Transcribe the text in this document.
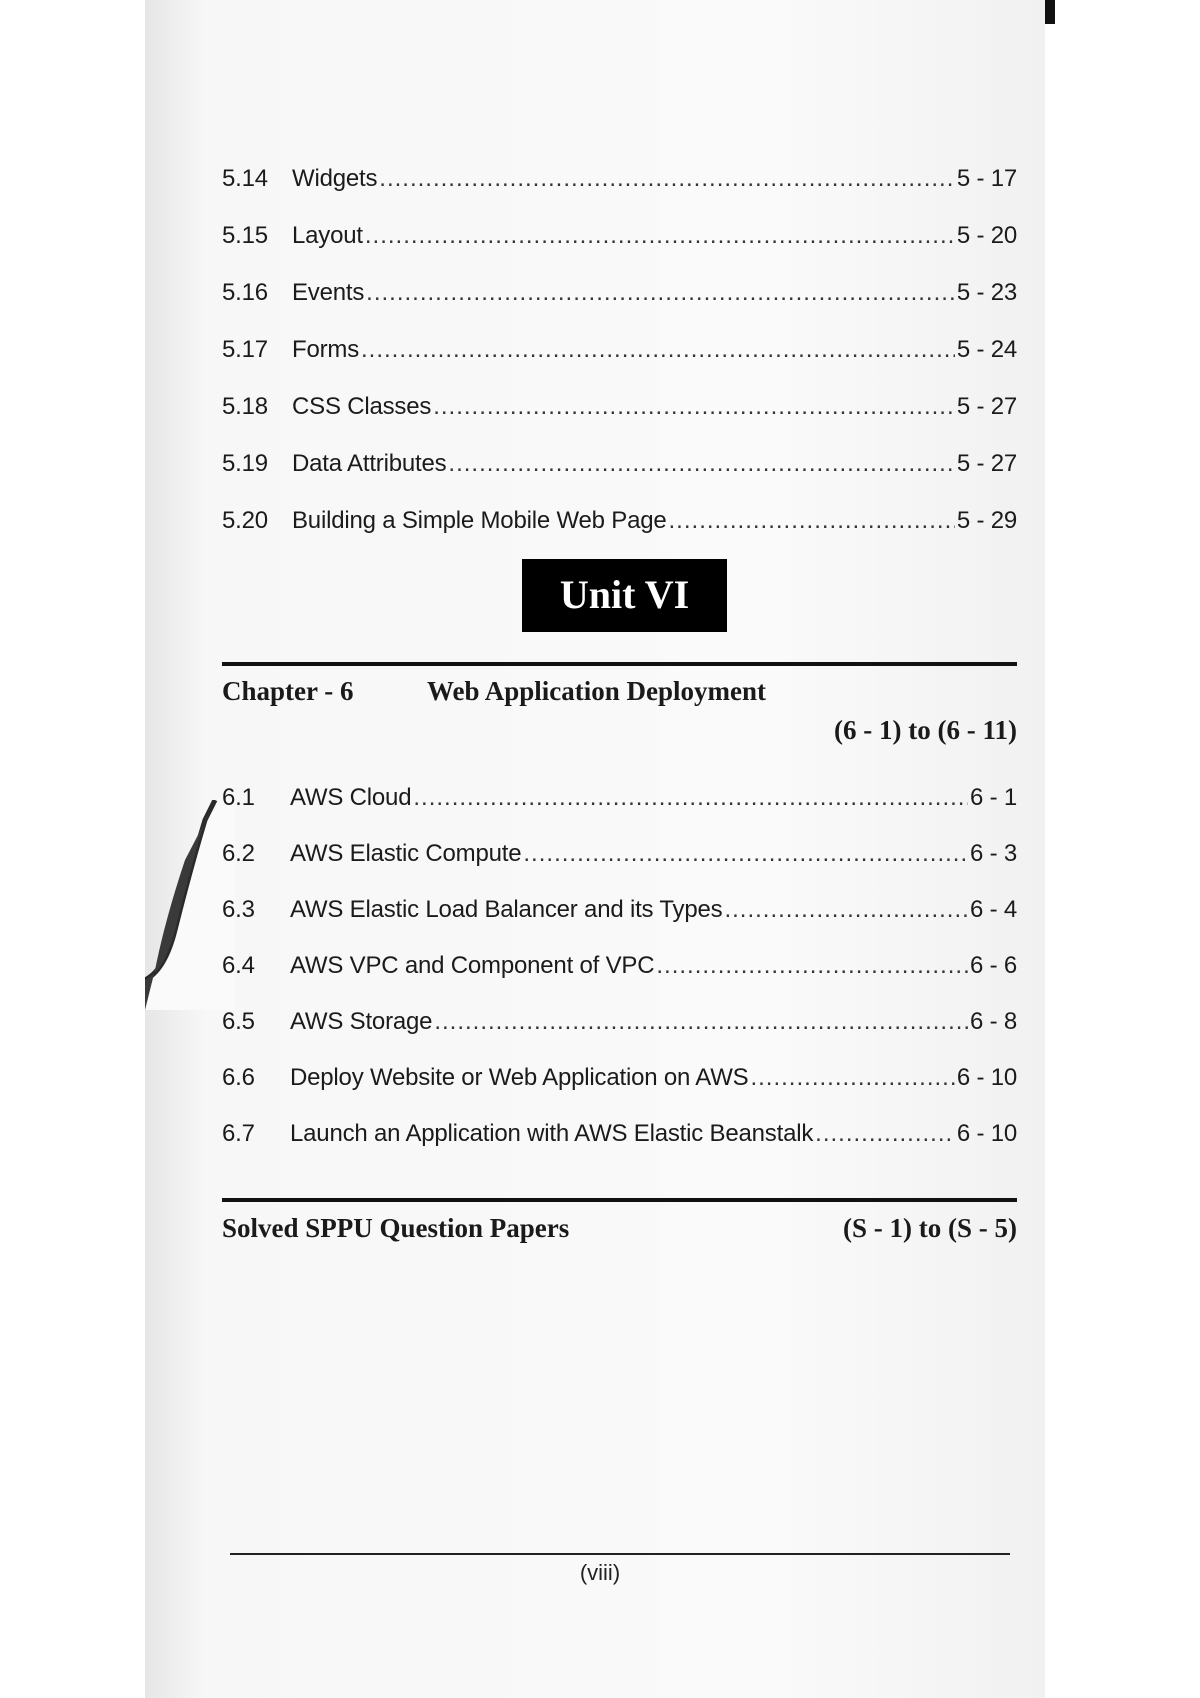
5.14	Widgets .....	5 - 17
5.15	Layout .....	5 - 20
5.16	Events .....	5 - 23
5.17	Forms .....	5 - 24
5.18	CSS Classes .....	5 - 27
5.19	Data Attributes .....	5 - 27
5.20	Building a Simple Mobile Web Page .....	5 - 29
Unit VI
Chapter - 6	Web Application Deployment
(6 - 1) to (6 - 11)
6.1	AWS Cloud .....	6 - 1
6.2	AWS Elastic Compute .....	6 - 3
6.3	AWS Elastic Load Balancer and its Types .....	6 - 4
6.4	AWS VPC and Component of VPC .....	6 - 6
6.5	AWS Storage .....	6 - 8
6.6	Deploy Website or Web Application on AWS .....	6 - 10
6.7	Launch an Application with AWS Elastic Beanstalk .....	6 - 10
Solved SPPU Question Papers	(S - 1) to (S - 5)
(viii)
